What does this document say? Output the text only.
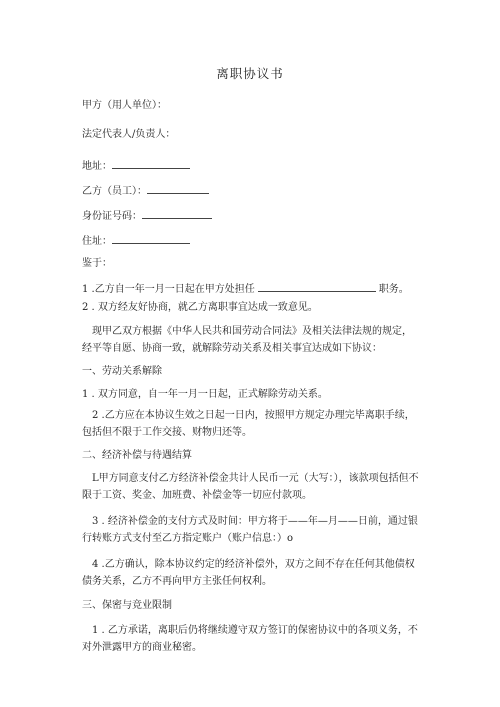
离职协议书
甲方（用人单位）：
法定代表人/负责人：
地址：
乙方（员工）：
身份证号码：
住址：
鉴于：
1 .乙方自一年一月一日起在甲方处担任	职务。
2 . 双方经友好协商，就乙方离职事宜达成一致意见。
现甲乙双方根据《中华人民共和国劳动合同法》及相关法律法规的规定，经平等自愿、协商一致，就解除劳动关系及相关事宜达成如下协议：
一、劳动关系解除
1 . 双方同意，自一年一月一日起，正式解除劳动关系。
2 .乙方应在本协议生效之日起一日内，按照甲方规定办理完毕离职手续，包括但不限于工作交接、财物归还等。
二、经济补偿与待遇结算
L甲方同意支付乙方经济补偿金共计人民币一元（大写：），该款项包括但不限于工资、奖金、加班费、补偿金等一切应付款项。
3 . 经济补偿金的支付方式及时间：甲方将于——年—月——日前，通过银行转账方式支付至乙方指定账户（账户信息：）o
4 .乙方确认，除本协议约定的经济补偿外，双方之间不存在任何其他债权债务关系，乙方不再向甲方主张任何权利。
三、保密与竞业限制
1 . 乙方承诺，离职后仍将继续遵守双方签订的保密协议中的各项义务，不对外泄露甲方的商业秘密。
